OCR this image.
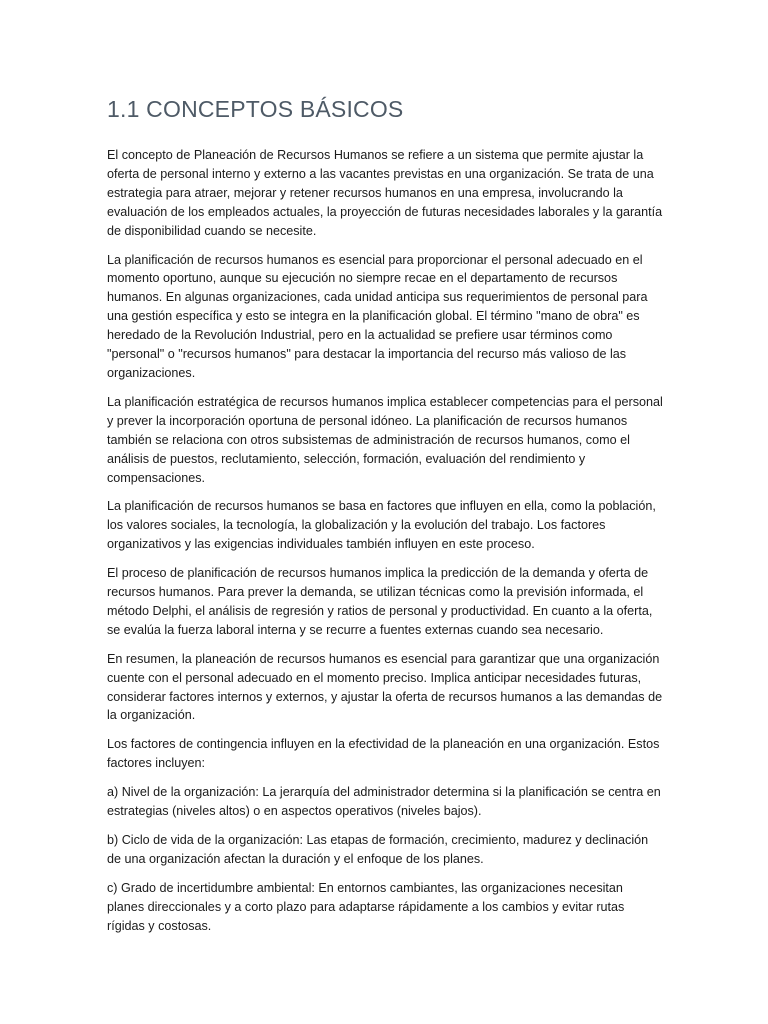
1.1 CONCEPTOS BÁSICOS

El concepto de Planeación de Recursos Humanos se refiere a un sistema que permite ajustar la oferta de personal interno y externo a las vacantes previstas en una organización. Se trata de una estrategia para atraer, mejorar y retener recursos humanos en una empresa, involucrando la evaluación de los empleados actuales, la proyección de futuras necesidades laborales y la garantía de disponibilidad cuando se necesite.

La planificación de recursos humanos es esencial para proporcionar el personal adecuado en el momento oportuno, aunque su ejecución no siempre recae en el departamento de recursos humanos. En algunas organizaciones, cada unidad anticipa sus requerimientos de personal para una gestión específica y esto se integra en la planificación global. El término "mano de obra" es heredado de la Revolución Industrial, pero en la actualidad se prefiere usar términos como "personal" o "recursos humanos" para destacar la importancia del recurso más valioso de las organizaciones.

La planificación estratégica de recursos humanos implica establecer competencias para el personal y prever la incorporación oportuna de personal idóneo. La planificación de recursos humanos también se relaciona con otros subsistemas de administración de recursos humanos, como el análisis de puestos, reclutamiento, selección, formación, evaluación del rendimiento y compensaciones.

La planificación de recursos humanos se basa en factores que influyen en ella, como la población, los valores sociales, la tecnología, la globalización y la evolución del trabajo. Los factores organizativos y las exigencias individuales también influyen en este proceso.

El proceso de planificación de recursos humanos implica la predicción de la demanda y oferta de recursos humanos. Para prever la demanda, se utilizan técnicas como la previsión informada, el método Delphi, el análisis de regresión y ratios de personal y productividad. En cuanto a la oferta, se evalúa la fuerza laboral interna y se recurre a fuentes externas cuando sea necesario.

En resumen, la planeación de recursos humanos es esencial para garantizar que una organización cuente con el personal adecuado en el momento preciso. Implica anticipar necesidades futuras, considerar factores internos y externos, y ajustar la oferta de recursos humanos a las demandas de la organización.

Los factores de contingencia influyen en la efectividad de la planeación en una organización. Estos factores incluyen:

a) Nivel de la organización: La jerarquía del administrador determina si la planificación se centra en estrategias (niveles altos) o en aspectos operativos (niveles bajos).

b) Ciclo de vida de la organización: Las etapas de formación, crecimiento, madurez y declinación de una organización afectan la duración y el enfoque de los planes.

c) Grado de incertidumbre ambiental: En entornos cambiantes, las organizaciones necesitan planes direccionales y a corto plazo para adaptarse rápidamente a los cambios y evitar rutas rígidas y costosas.
